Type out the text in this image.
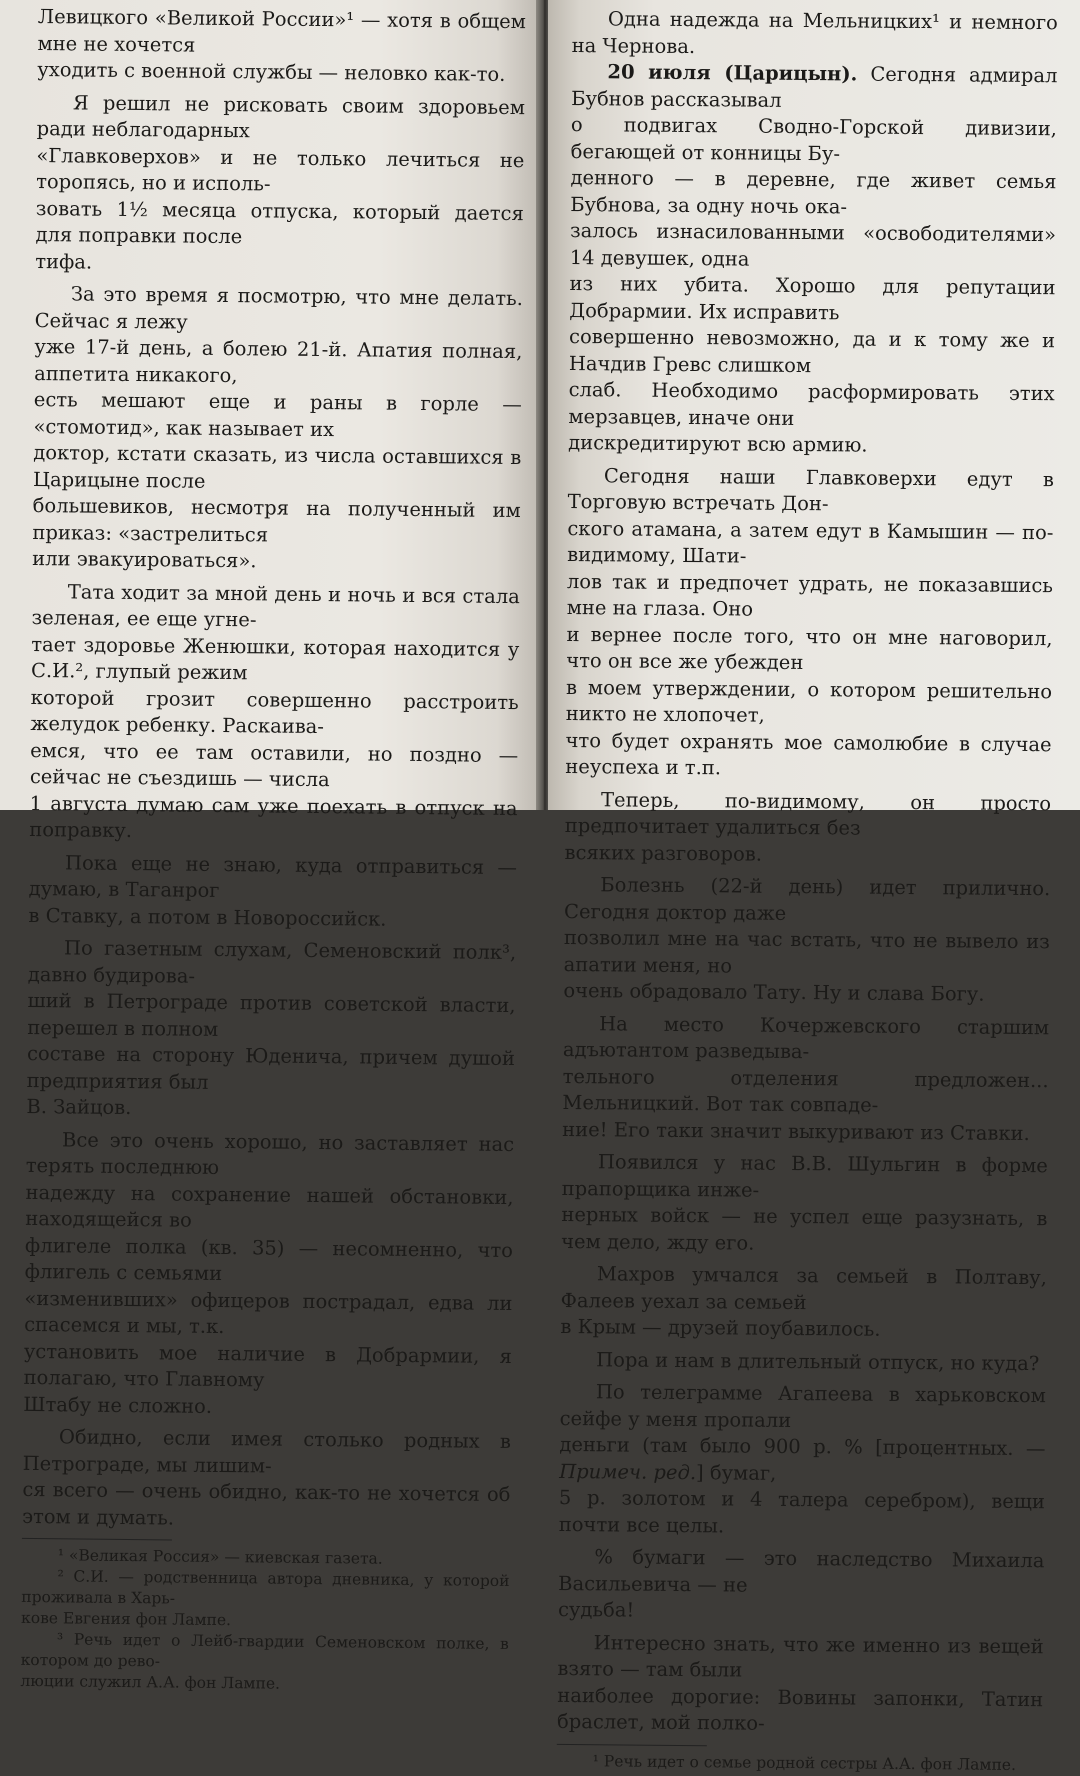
Левицкого «Великой России»¹ — хотя в общем мне не хочется

уходить с военной службы — неловко как-то.

Я решил не рисковать своим здоровьем ради неблагодарных

«Главковерхов» и не только лечиться не торопясь, но и исполь-

зовать 1½ месяца отпуска, который дается для поправки после

тифа.

За это время я посмотрю, что мне делать. Сейчас я лежу

уже 17-й день, а болею 21-й. Апатия полная, аппетита никакого,

есть мешают еще и раны в горле — «стомотид», как называет их

доктор, кстати сказать, из числа оставшихся в Царицыне после

большевиков, несмотря на полученный им приказ: «застрелиться

или эвакуироваться».

Тата ходит за мной день и ночь и вся стала зеленая, ее еще угне-

тает здоровье Женюшки, которая находится у С.И.², глупый режим

которой грозит совершенно расстроить желудок ребенку. Раскаива-

емся, что ее там оставили, но поздно — сейчас не съездишь — числа

1 августа думаю сам уже поехать в отпуск на поправку.

Пока еще не знаю, куда отправиться — думаю, в Таганрог

в Ставку, а потом в Новороссийск.

По газетным слухам, Семеновский полк³, давно будирова-

ший в Петрограде против советской власти, перешел в полном

составе на сторону Юденича, причем душой предприятия был

В. Зайцов.

Все это очень хорошо, но заставляет нас терять последнюю

надежду на сохранение нашей обстановки, находящейся во

флигеле полка (кв. 35) — несомненно, что флигель с семьями

«изменивших» офицеров пострадал, едва ли спасемся и мы, т.к.

установить мое наличие в Добрармии, я полагаю, что Главному

Штабу не сложно.

Обидно, если имея столько родных в Петрограде, мы лишим-

ся всего — очень обидно, как-то не хочется об этом и думать.

¹ «Великая Россия» — киевская газета.

² С.И. — родственница автора дневника, у которой проживала в Харь-

кове Евгения фон Лампе.

³ Речь идет о Лейб-гвардии Семеновском полке, в котором до рево-

люции служил А.А. фон Лампе.

Одна надежда на Мельницких¹ и немного на Чернова.

20 июля (Царицын). Сегодня адмирал Бубнов рассказывал

о подвигах Сводно-Горской дивизии, бегающей от конницы Бу-

денного — в деревне, где живет семья Бубнова, за одну ночь ока-

залось изнасилованными «освободителями» 14 девушек, одна

из них убита. Хорошо для репутации Добрармии. Их исправить

совершенно невозможно, да и к тому же и Начдив Гревс слишком

слаб. Необходимо расформировать этих мерзавцев, иначе они

дискредитируют всю армию.

Сегодня наши Главковерхи едут в Торговую встречать Дон-

ского атамана, а затем едут в Камышин — по-видимому, Шати-

лов так и предпочет удрать, не показавшись мне на глаза. Оно

и вернее после того, что он мне наговорил, что он все же убежден

в моем утверждении, о котором решительно никто не хлопочет,

что будет охранять мое самолюбие в случае неуспеха и т.п.

Теперь, по-видимому, он просто предпочитает удалиться без

всяких разговоров.

Болезнь (22-й день) идет прилично. Сегодня доктор даже

позволил мне на час встать, что не вывело из апатии меня, но

очень обрадовало Тату. Ну и слава Богу.

На место Кочержевского старшим адъютантом разведыва-

тельного отделения предложен... Мельницкий. Вот так совпаде-

ние! Его таки значит выкуривают из Ставки.

Появился у нас В.В. Шульгин в форме прапорщика инже-

нерных войск — не успел еще разузнать, в чем дело, жду его.

Махров умчался за семьей в Полтаву, Фалеев уехал за семьей

в Крым — друзей поубавилось.

Пора и нам в длительный отпуск, но куда?

По телеграмме Агапеева в харьковском сейфе у меня пропали

деньги (там было 900 р. % [процентных. — Примеч. ред.] бумаг,

5 р. золотом и 4 талера серебром), вещи почти все целы.

% бумаги — это наследство Михаила Васильевича — не

судьба!

Интересно знать, что же именно из вещей взято — там были

наиболее дорогие: Вовины запонки, Татин браслет, мой полко-

¹ Речь идет о семье родной сестры А.А. фон Лампе.
